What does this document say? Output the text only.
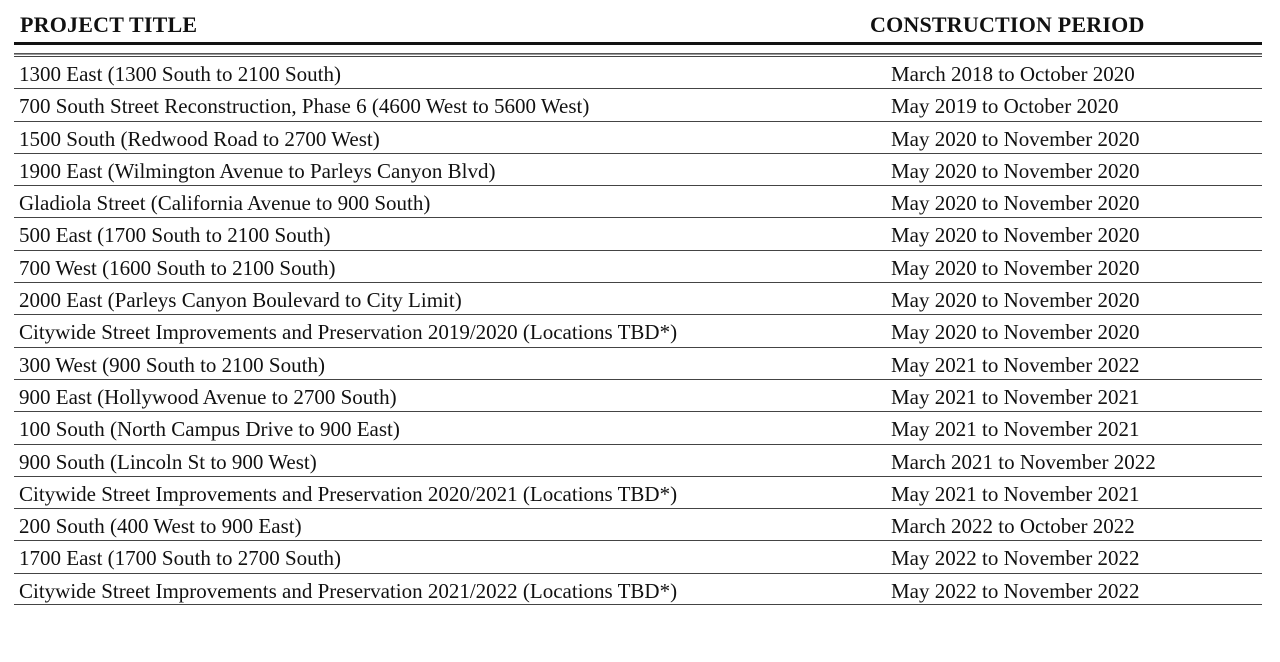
PROJECT TITLE	CONSTRUCTION PERIOD
1300 East (1300 South to 2100 South)	March 2018 to October 2020
700 South Street Reconstruction, Phase 6 (4600 West to 5600 West)	May 2019 to October 2020
1500 South (Redwood Road to 2700 West)	May 2020 to November 2020
1900 East (Wilmington Avenue to Parleys Canyon Blvd)	May 2020 to November 2020
Gladiola Street (California Avenue to 900 South)	May 2020 to November 2020
500 East (1700 South to 2100 South)	May 2020 to November 2020
700 West (1600 South to 2100 South)	May 2020 to November 2020
2000 East (Parleys Canyon Boulevard to City Limit)	May 2020 to November 2020
Citywide Street Improvements and Preservation 2019/2020 (Locations TBD*)	May 2020 to November 2020
300 West (900 South to 2100 South)	May 2021 to November 2022
900 East (Hollywood Avenue to 2700 South)	May 2021 to November 2021
100 South (North Campus Drive to 900 East)	May 2021 to November 2021
900 South (Lincoln St to 900 West)	March 2021 to November 2022
Citywide Street Improvements and Preservation 2020/2021 (Locations TBD*)	May 2021 to November 2021
200 South (400 West to 900 East)	March 2022 to October 2022
1700 East (1700 South to 2700 South)	May 2022 to November 2022
Citywide Street Improvements and Preservation 2021/2022 (Locations TBD*)	May 2022 to November 2022
